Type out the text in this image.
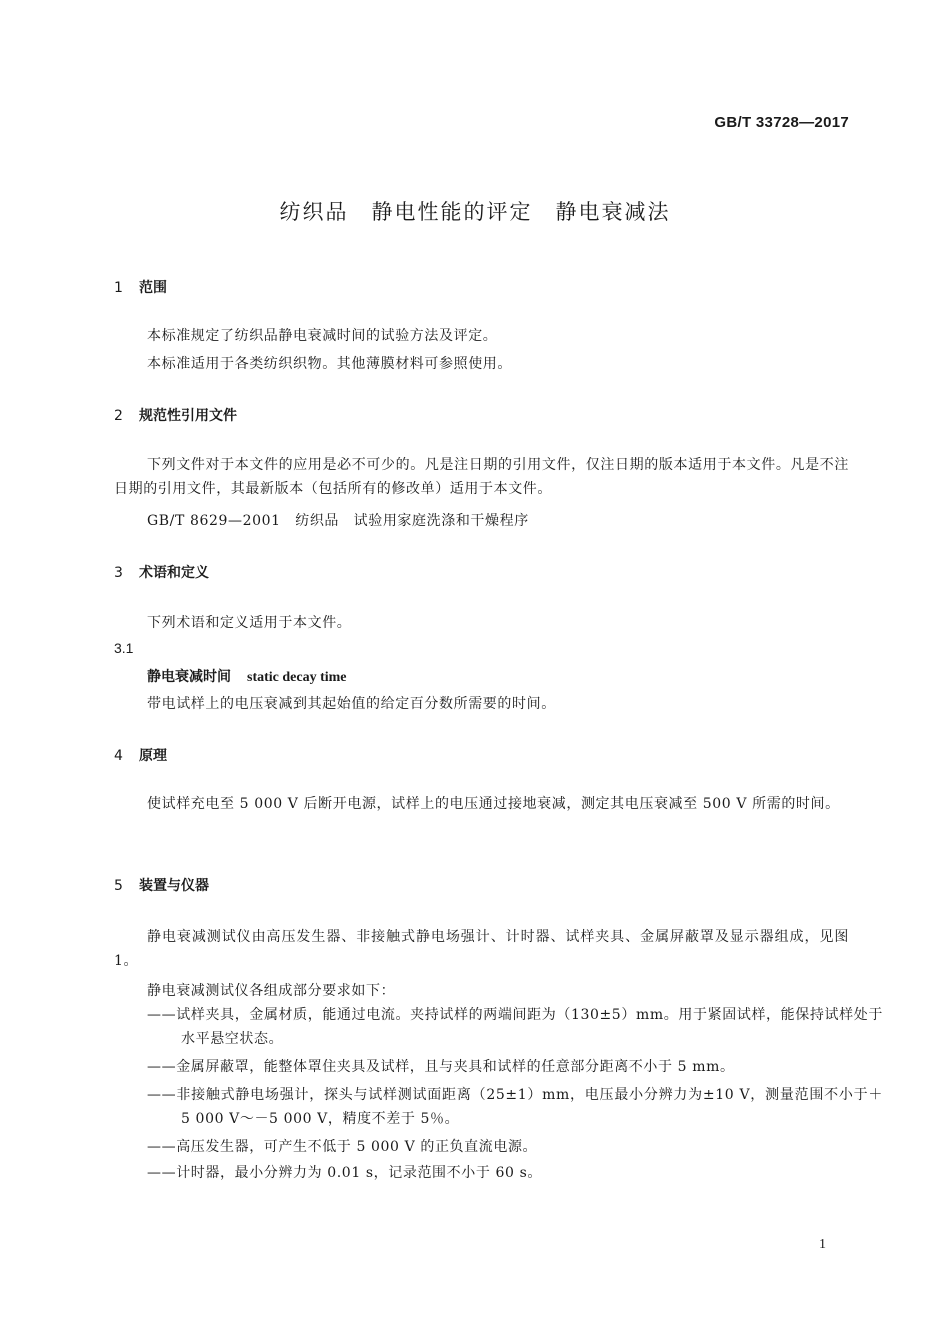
GB/T 33728—2017
纺织品　静电性能的评定　静电衰减法
1 范围
本标准规定了纺织品静电衰减时间的试验方法及评定。
本标准适用于各类纺织织物。其他薄膜材料可参照使用。
2 规范性引用文件
下列文件对于本文件的应用是必不可少的。凡是注日期的引用文件，仅注日期的版本适用于本文件。凡是不注日期的引用文件，其最新版本（包括所有的修改单）适用于本文件。
GB/T 8629—2001　纺织品　试验用家庭洗涤和干燥程序
3 术语和定义
下列术语和定义适用于本文件。
3.1
静电衰减时间 static decay time
带电试样上的电压衰减到其起始值的给定百分数所需要的时间。
4 原理
使试样充电至 5 000 V 后断开电源，试样上的电压通过接地衰减，测定其电压衰减至 500 V 所需的时间。
5 装置与仪器
静电衰减测试仪由高压发生器、非接触式静电场强计、计时器、试样夹具、金属屏蔽罩及显示器组成，见图 1。
静电衰减测试仪各组成部分要求如下：
——试样夹具，金属材质，能通过电流。夹持试样的两端间距为（130±5）mm。用于紧固试样，能保持试样处于水平悬空状态。
——金属屏蔽罩，能整体罩住夹具及试样，且与夹具和试样的任意部分距离不小于 5 mm。
——非接触式静电场强计，探头与试样测试面距离（25±1）mm，电压最小分辨力为±10 V，测量范围不小于＋5 000 V～－5 000 V，精度不差于 5％。
——高压发生器，可产生不低于 5 000 V 的正负直流电源。
——计时器，最小分辨力为 0.01 s，记录范围不小于 60 s。
1
